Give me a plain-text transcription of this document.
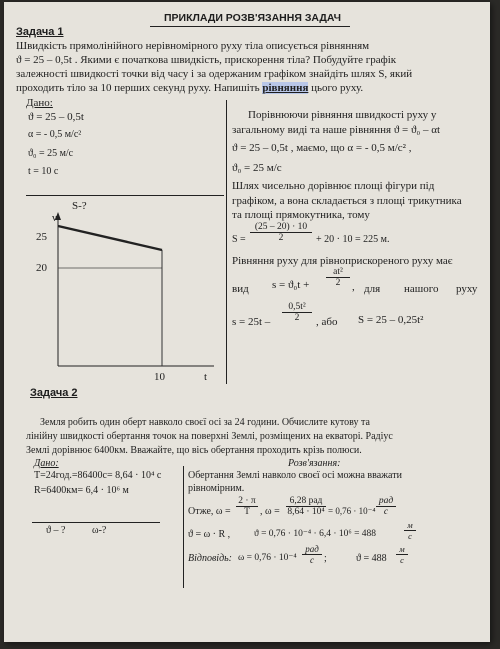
ПРИКЛАДИ РОЗВ'ЯЗАННЯ ЗАДАЧ
Задача 1
Швидкість прямолінійного нерівномірного руху тіла описується рівнянням
ϑ = 25 – 0,5t . Якими є початкова швидкість, прискорення тіла? Побудуйте графік
залежності швидкості точки від часу і за одержаним графіком знайдіть шлях S, який
проходить тіло за 10 перших секунд руху. Напишіть рівняння цього руху.
Дано:
ϑ = 25 – 0,5t
α = - 0,5 м/с²
ϑ₀ = 25 м/с
t = 10 с
S-?
v
25
20
10	t
Порівнюючи рівняння швидкості руху у
загальному виді та наше рівняння ϑ = ϑ₀ – αt
ϑ = 25 – 0,5t , маємо, що α = - 0,5 м/с² ,
ϑ₀ = 25 м/с
Шлях чисельно дорівнює площі фігури під
графіком, а вона складається з площі трикутника
та площі прямокутника, тому
$S = \frac{(25 - 20) \cdot 10}{2} + 20 \cdot 10 = 225$ м.
Рівняння руху для рівноприскореного руху має
вид $s = ϑ_0t + \frac{\text{at²}}{2}$ , для нашого руху
$s = 25t - \frac{\text{0,5t²}}{2}$ , або S = 25 – 0,25t²
Задача 2
Земля робить один оберт навколо своєї осі за 24 години. Обчислите кутову та
лінійну швидкості обертання точок на поверхні Землі, розміщених на екваторі. Радіус
Землі дорівнює 6400км. Вважайте, що вісь обертання проходить крізь полюси.
Дано:	Розв'язання:
T=24год.=86400с= 8,64 · 10⁴ с
R=6400км= 6,4 · 10⁶ м
ϑ – ?	ω-?
Обертання Землі навколо своєї осі можна вважати
рівномірним.
Отже, $\omega = \frac{2 \cdot \pi}{T}$ , ω =
6,28 рад
8,64 · 10⁴ = 0,76 · 10⁻⁴
рад
с
ϑ = ω · R ,	ϑ = 0,76 · 10⁻⁴ · 6,4 · 10⁶ = 488
м
с
Відповідь: ω = 0,76 · 10⁻⁴
рад
с	;	ϑ = 488
м
с
